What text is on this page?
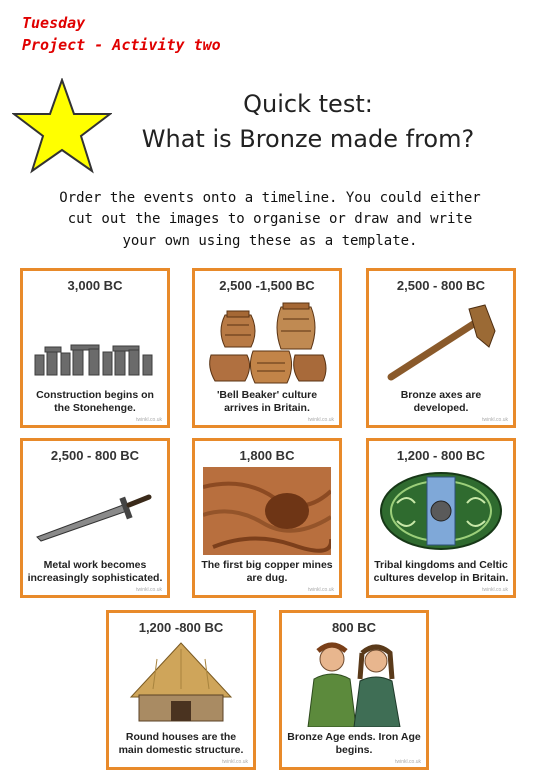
Tuesday
Project - Activity two
Quick test:
What is Bronze made from?
Order the events onto a timeline. You could either
cut out the images to organise or draw and write
your own using these as a template.
3,000 BC
Construction begins on the Stonehenge.
twinkl.co.uk
2,500 -1,500 BC
'Bell Beaker' culture arrives in Britain.
twinkl.co.uk
2,500 - 800 BC
Bronze axes are developed.
twinkl.co.uk
2,500 - 800 BC
Metal work becomes increasingly sophisticated.
twinkl.co.uk
1,800 BC
The first big copper mines are dug.
twinkl.co.uk
1,200 - 800 BC
Tribal kingdoms and Celtic cultures develop in Britain.
twinkl.co.uk
1,200 -800 BC
Round houses are the main domestic structure.
twinkl.co.uk
800 BC
Bronze Age ends. Iron Age begins.
twinkl.co.uk
